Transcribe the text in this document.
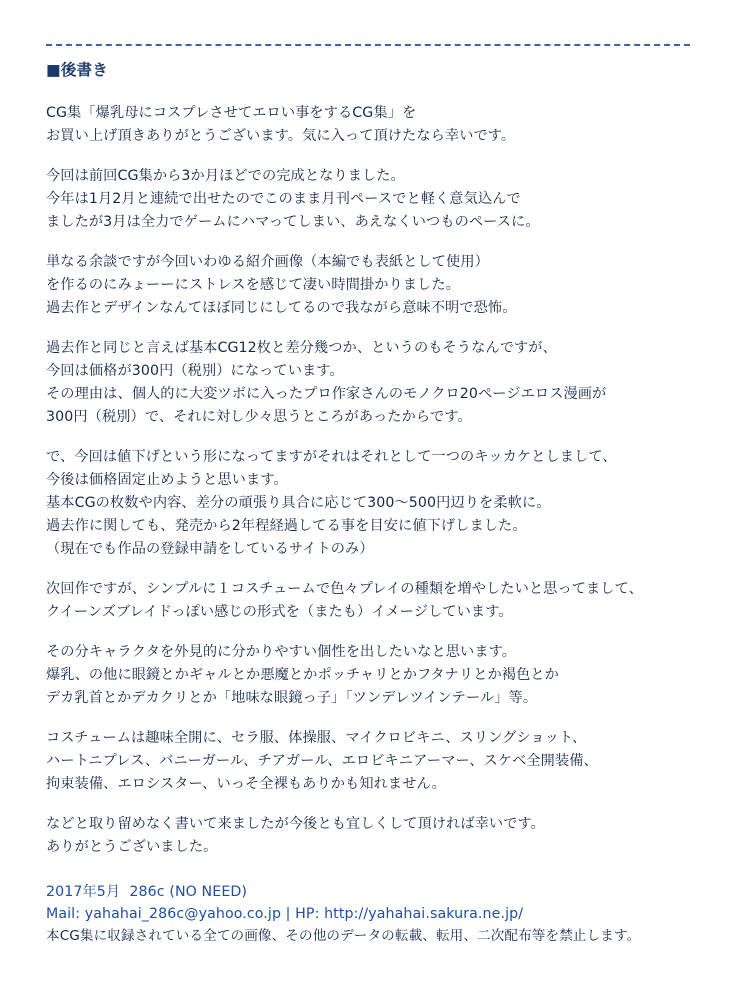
■後書き
CG集「爆乳母にコスプレさせてエロい事をするCG集」を
お買い上げ頂きありがとうございます。気に入って頂けたなら幸いです。
今回は前回CG集から3か月ほどでの完成となりました。
今年は1月2月と連続で出せたのでこのまま月刊ペースでと軽く意気込んで
ましたが3月は全力でゲームにハマってしまい、あえなくいつものペースに。
単なる余談ですが今回いわゆる紹介画像（本編でも表紙として使用）
を作るのにみょーーにストレスを感じて凄い時間掛かりました。
過去作とデザインなんてほぼ同じにしてるので我ながら意味不明で恐怖。
過去作と同じと言えば基本CG12枚と差分幾つか、というのもそうなんですが、
今回は価格が300円（税別）になっています。
その理由は、個人的に大変ツボに入ったプロ作家さんのモノクロ20ページエロス漫画が
300円（税別）で、それに対し少々思うところがあったからです。
で、今回は値下げという形になってますがそれはそれとして一つのキッカケとしまして、
今後は価格固定止めようと思います。
基本CGの枚数や内容、差分の頑張り具合に応じて300〜500円辺りを柔軟に。
過去作に関しても、発売から2年程経過してる事を目安に値下げしました。
（現在でも作品の登録申請をしているサイトのみ）
次回作ですが、シンプルに１コスチュームで色々プレイの種類を増やしたいと思ってまして、
クイーンズブレイドっぽい感じの形式を（またも）イメージしています。
その分キャラクタを外見的に分かりやすい個性を出したいなと思います。
爆乳、の他に眼鏡とかギャルとか悪魔とかポッチャリとかフタナリとか褐色とか
デカ乳首とかデカクリとか「地味な眼鏡っ子」「ツンデレツインテール」等。
コスチュームは趣味全開に、セラ服、体操服、マイクロビキニ、スリングショット、
ハートニプレス、バニーガール、チアガール、エロビキニアーマー、スケベ全開装備、
拘束装備、エロシスター、いっそ全裸もありかも知れません。
などと取り留めなく書いて来ましたが今後とも宜しくして頂ければ幸いです。
ありがとうございました。
2017年5月  286c (NO NEED)
Mail: yahahai_286c@yahoo.co.jp | HP: http://yahahai.sakura.ne.jp/
本CG集に収録されている全ての画像、その他のデータの転載、転用、二次配布等を禁止します。
